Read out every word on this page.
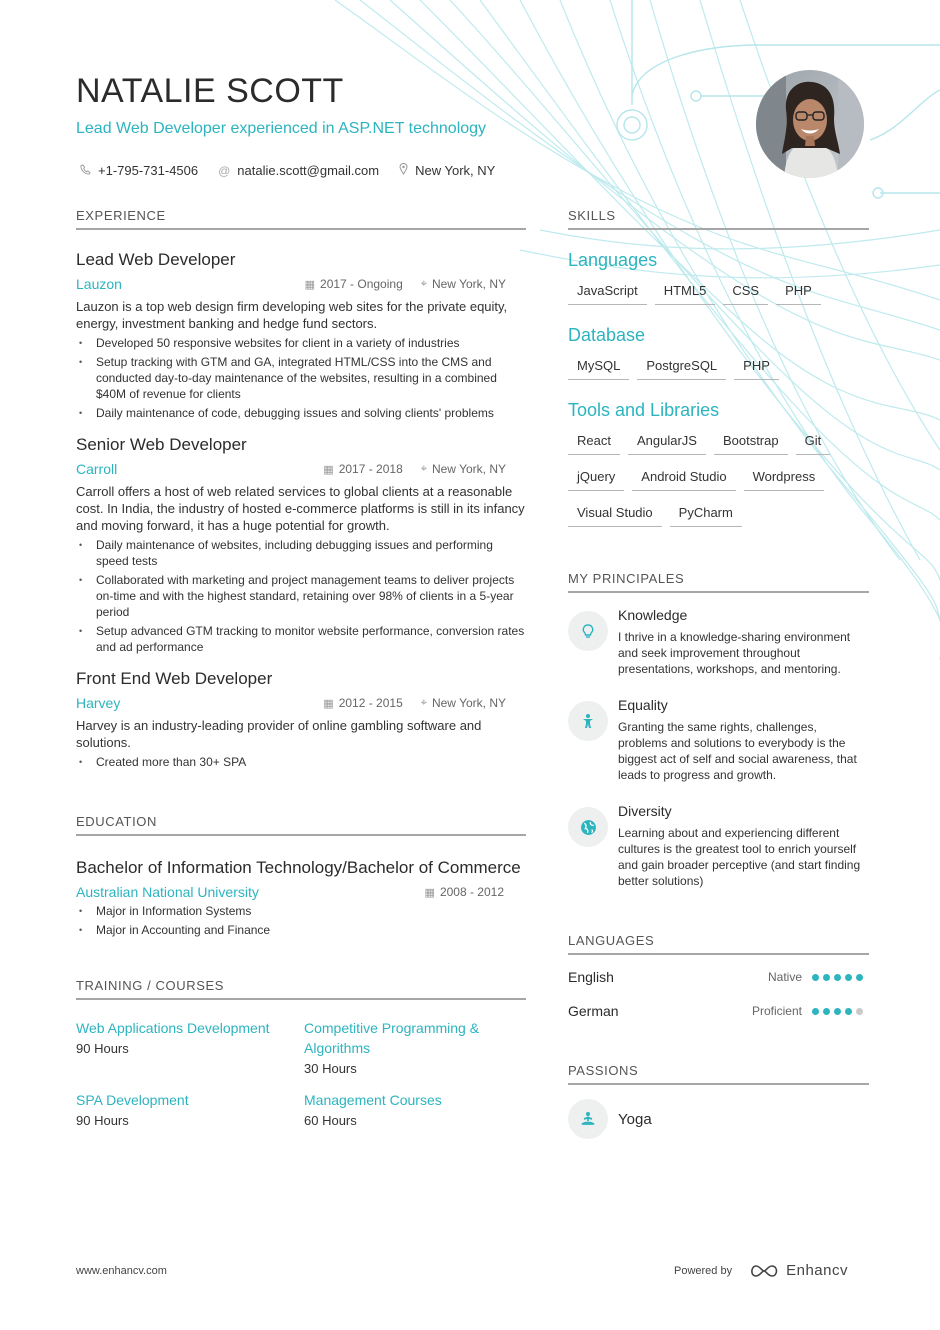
NATALIE SCOTT
Lead Web Developer experienced in ASP.NET technology
+1-795-731-4506 @ natalie.scott@gmail.com	New York, NY
EXPERIENCE
Lead Web Developer
Lauzon	▦ 2017 - Ongoing ⌖ New York, NY
Lauzon is a top web design firm developing web sites for the private equity, energy, investment banking and hedge fund sectors.
• Developed 50 responsive websites for client in a variety of industries
• Setup tracking with GTM and GA, integrated HTML/CSS into the CMS and conducted day-to-day maintenance of the websites, resulting in a combined $40M of revenue for clients
• Daily maintenance of code, debugging issues and solving clients' problems
Senior Web Developer
Carroll	▦ 2017 - 2018 ⌖ New York, NY
Carroll offers a host of web related services to global clients at a reasonable cost. In India, the industry of hosted e-commerce platforms is still in its infancy and moving forward, it has a huge potential for growth.
• Daily maintenance of websites, including debugging issues and performing speed tests
• Collaborated with marketing and project management teams to deliver projects on-time and with the highest standard, retaining over 98% of clients in a 5-year period
• Setup advanced GTM tracking to monitor website performance, conversion rates and ad performance
Front End Web Developer
Harvey	▦ 2012 - 2015 ⌖ New York, NY
Harvey is an industry-leading provider of online gambling software and solutions.
• Created more than 30+ SPA
EDUCATION
Bachelor of Information Technology/Bachelor of Commerce
Australian National University	▦ 2008 - 2012
• Major in Information Systems
• Major in Accounting and Finance
TRAINING / COURSES
Web Applications Development
90 Hours
Competitive Programming & Algorithms
30 Hours
SPA Development
90 Hours
Management Courses
60 Hours
SKILLS
Languages
JavaScript	HTML5	CSS	PHP
Database
MySQL	PostgreSQL	PHP
Tools and Libraries
React	AngularJS	Bootstrap	Git
jQuery	Android Studio	Wordpress
Visual Studio	PyCharm
MY PRINCIPALES
Knowledge
I thrive in a knowledge-sharing environment and seek improvement throughout presentations, workshops, and mentoring.
Equality
Granting the same rights, challenges, problems and solutions to everybody is the biggest act of self and social awareness, that leads to progress and growth.
Diversity
Learning about and experiencing different cultures is the greatest tool to enrich yourself and gain broader perceptive (and start finding better solutions)
LANGUAGES
English	Native
German	Proficient
PASSIONS
Yoga
www.enhancv.com	Powered by	Enhancv
